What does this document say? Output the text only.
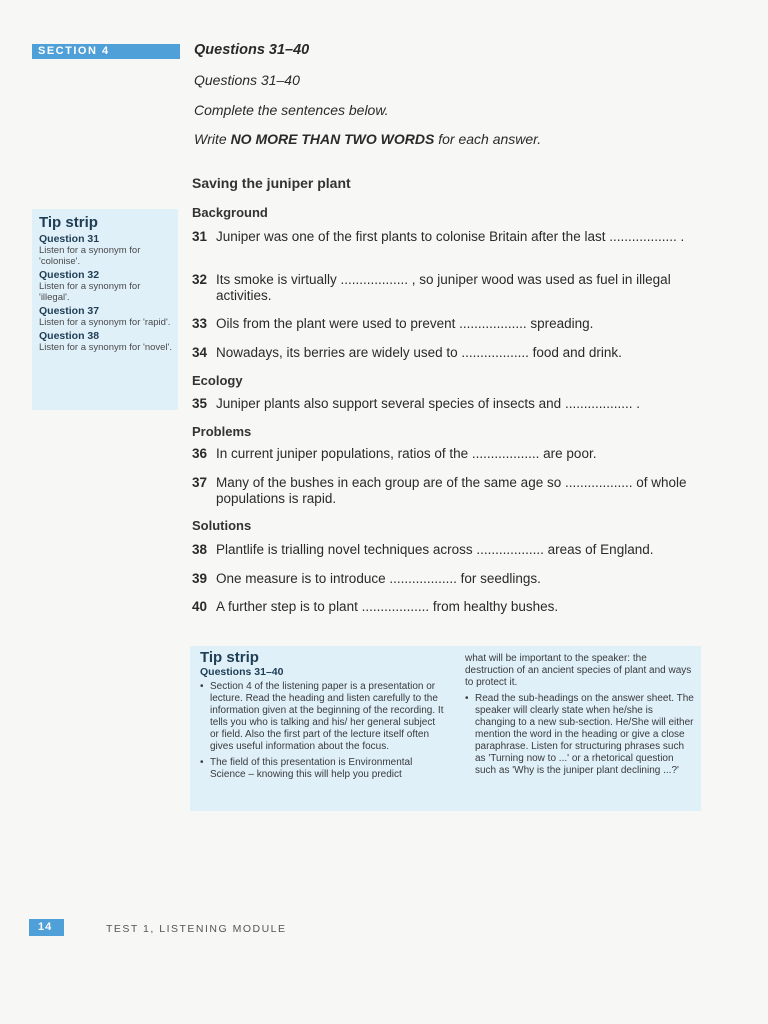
SECTION 4	Questions 31–40
Questions 31–40
Complete the sentences below.
Write NO MORE THAN TWO WORDS for each answer.
Tip strip
Question 31
Listen for a synonym for 'colonise'.
Question 32
Listen for a synonym for 'illegal'.
Question 37
Listen for a synonym for 'rapid'.
Question 38
Listen for a synonym for 'novel'.
Saving the juniper plant
Background
31 Juniper was one of the first plants to colonise Britain after the last .................. .
32 Its smoke is virtually .................. , so juniper wood was used as fuel in illegal activities.
33 Oils from the plant were used to prevent .................. spreading.
34 Nowadays, its berries are widely used to .................. food and drink.
Ecology
35 Juniper plants also support several species of insects and .................. .
Problems
36 In current juniper populations, ratios of the .................. are poor.
37 Many of the bushes in each group are of the same age so .................. of whole populations is rapid.
Solutions
38 Plantlife is trialling novel techniques across .................. areas of England.
39 One measure is to introduce .................. for seedlings.
40 A further step is to plant .................. from healthy bushes.
Tip strip
Questions 31–40
• Section 4 of the listening paper is a presentation or lecture. Read the heading and listen carefully to the information given at the beginning of the recording. It tells you who is talking and his/ her general subject or field. Also the first part of the lecture itself often gives useful information about the focus.
• The field of this presentation is Environmental Science – knowing this will help you predict
what will be important to the speaker: the destruction of an ancient species of plant and ways to protect it.
• Read the sub-headings on the answer sheet. The speaker will clearly state when he/she is changing to a new sub-section. He/She will either mention the word in the heading or give a close paraphrase. Listen for structuring phrases such as 'Turning now to ...' or a rhetorical question such as 'Why is the juniper plant declining ...?'
14	TEST 1, LISTENING MODULE
